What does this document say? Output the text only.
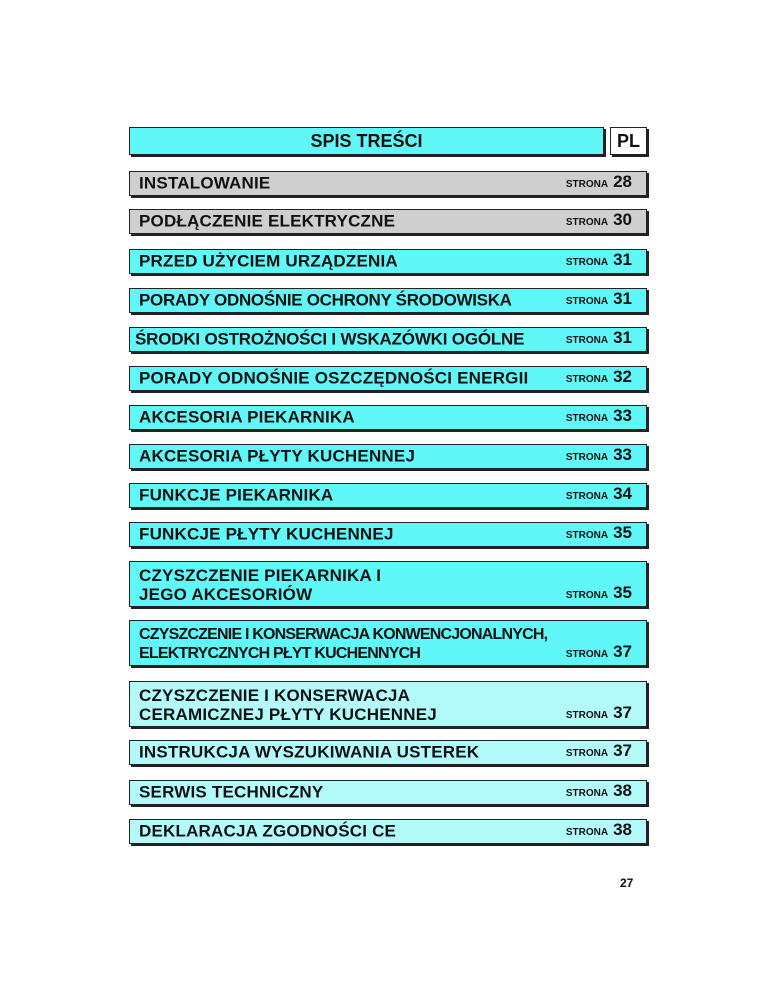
SPIS TREŚCI	PL
INSTALOWANIE	STRONA 28
PODŁĄCZENIE ELEKTRYCZNE	STRONA 30
PRZED UŻYCIEM URZĄDZENIA	STRONA 31
PORADY ODNOŚNIE OCHRONY ŚRODOWISKA	STRONA 31
ŚRODKI OSTROŻNOŚCI I WSKAZÓWKI OGÓLNE	STRONA 31
PORADY ODNOŚNIE OSZCZĘDNOŚCI ENERGII	STRONA 32
AKCESORIA PIEKARNIKA	STRONA 33
AKCESORIA PŁYTY KUCHENNEJ	STRONA 33
FUNKCJE PIEKARNIKA	STRONA 34
FUNKCJE PŁYTY KUCHENNEJ	STRONA 35
CZYSZCZENIE PIEKARNIKA I
JEGO AKCESORIÓW	STRONA 35
CZYSZCZENIE I KONSERWACJA KONWENCJONALNYCH,
ELEKTRYCZNYCH PŁYT KUCHENNYCH	STRONA 37
CZYSZCZENIE I KONSERWACJA
CERAMICZNEJ PŁYTY KUCHENNEJ	STRONA 37
INSTRUKCJA WYSZUKIWANIA USTEREK	STRONA 37
SERWIS TECHNICZNY	STRONA 38
DEKLARACJA ZGODNOŚCI CE	STRONA 38
27
